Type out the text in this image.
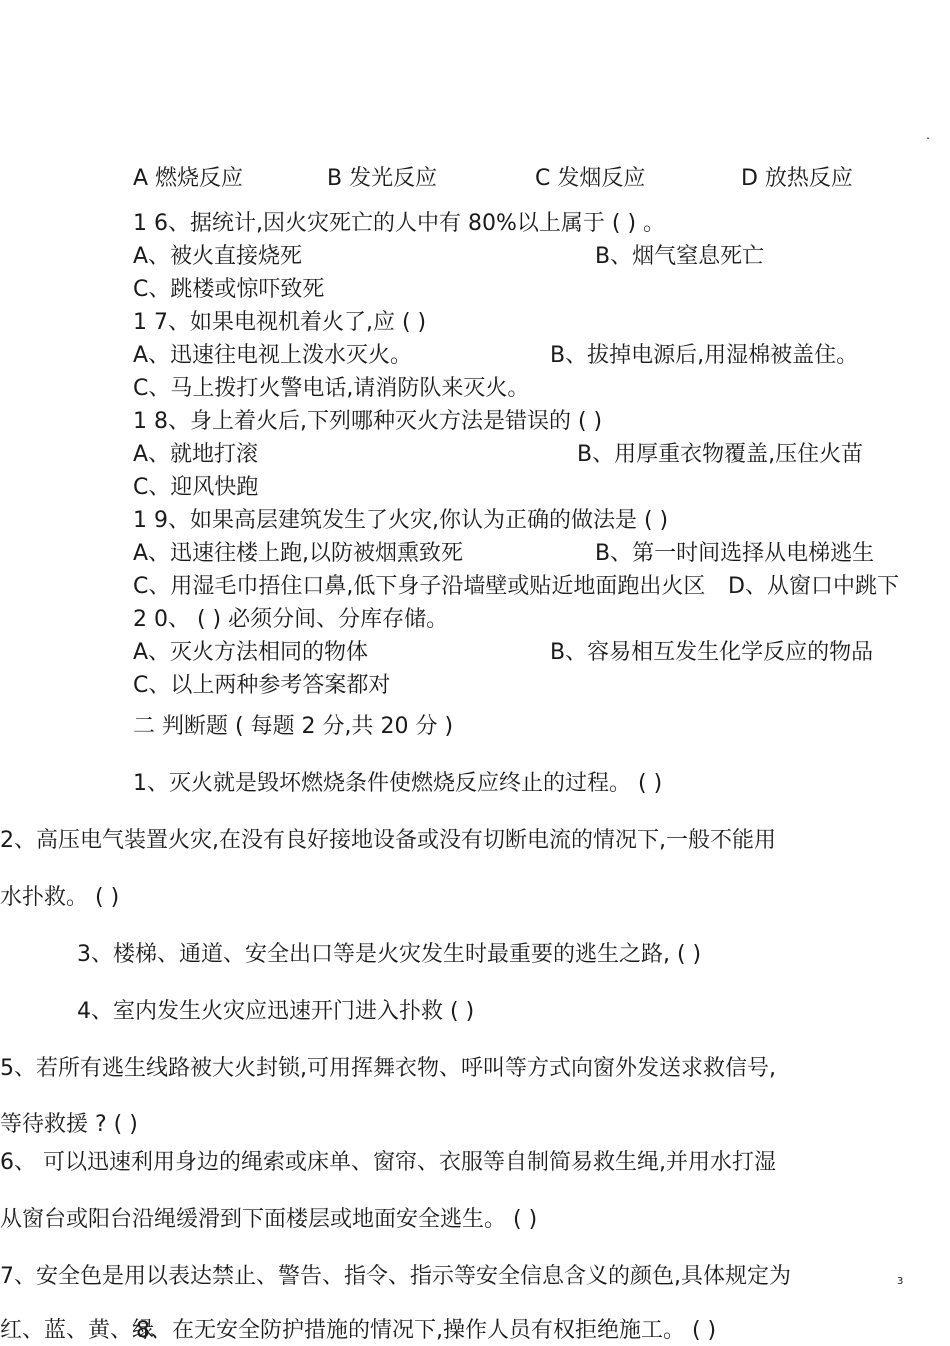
.
A 燃烧反应	B 发光反应	C 发烟反应	D 放热反应
1 6、据统计,因火灾死亡的人中有 80%以上属于 ( ) 。
A、被火直接烧死	B、烟气窒息死亡
C、跳楼或惊吓致死
1 7、如果电视机着火了,应 ( )
A、迅速往电视上泼水灭火。	B、拔掉电源后,用湿棉被盖住。
C、马上拨打火警电话,请消防队来灭火。
1 8、身上着火后,下列哪种灭火方法是错误的 ( )
A、就地打滚	B、用厚重衣物覆盖,压住火苗
C、迎风快跑
1 9、如果高层建筑发生了火灾,你认为正确的做法是 ( )
A、迅速往楼上跑,以防被烟熏致死	B、第一时间选择从电梯逃生
C、用湿毛巾捂住口鼻,低下身子沿墙壁或贴近地面跑出火区 D、从窗口中跳下
2 0、 ( ) 必须分间、分库存储。
A、灭火方法相同的物体	B、容易相互发生化学反应的物品
C、以上两种参考答案都对
二 判断题 ( 每题 2 分,共 20 分 )
1、灭火就是毁坏燃烧条件使燃烧反应终止的过程。 ( )
2、高压电气装置火灾,在没有良好接地设备或没有切断电流的情况下,一般不能用
水扑救。 ( )
3、楼梯、通道、安全出口等是火灾发生时最重要的逃生之路, ( )
4、室内发生火灾应迅速开门进入扑救 ( )
5、若所有逃生线路被大火封锁,可用挥舞衣物、呼叫等方式向窗外发送求救信号,
等待救援 ? ( )
6、 可以迅速利用身边的绳索或床单、窗帘、衣服等自制简易救生绳,并用水打湿
从窗台或阳台沿绳缓滑到下面楼层或地面安全逃生。 ( )
7、安全色是用以表达禁止、警告、指令、指示等安全信息含义的颜色,具体规定为
红、蓝、黄、绿
8、在无安全防护措施的情况下,操作人员有权拒绝施工。 ( )
3
